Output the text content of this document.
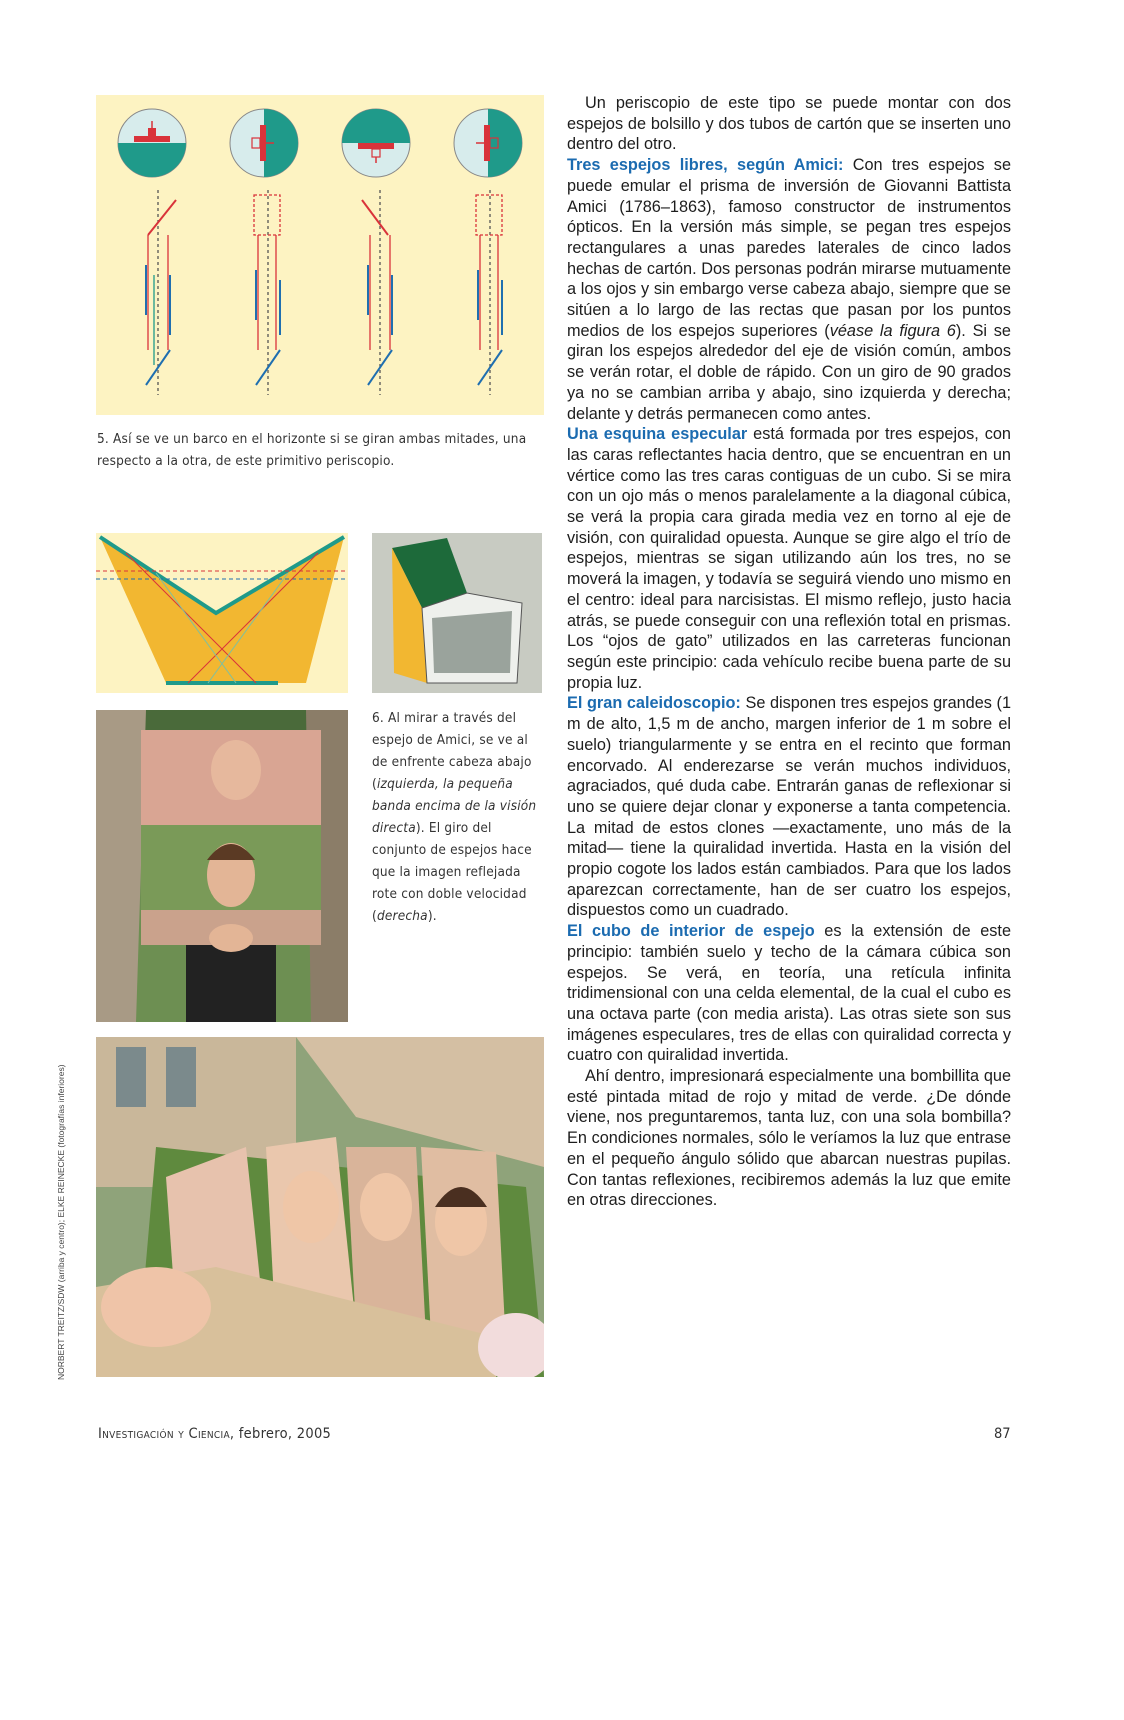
5. Así se ve un barco en el horizonte si se giran ambas mitades, una respecto a la otra, de este primitivo periscopio.
6. Al mirar a través del espejo de Amici, se ve al de enfrente cabeza abajo (izquierda, la pequeña banda encima de la visión directa). El giro del conjunto de espejos hace que la imagen reflejada rote con doble velocidad (derecha).
NORBERT TREITZ/SDW (arriba y centro); ELKE REINECKE (fotografías inferiores)

Un periscopio de este tipo se puede montar con dos espejos de bolsillo y dos tubos de cartón que se inserten uno dentro del otro.

Tres espejos libres, según Amici: Con tres espejos se puede emular el prisma de inversión de Giovanni Battista Amici (1786–1863), famoso constructor de instrumentos ópticos. En la versión más simple, se pegan tres espejos rectangulares a unas paredes laterales de cinco lados hechas de cartón. Dos personas podrán mirarse mutuamente a los ojos y sin embargo verse cabeza abajo, siempre que se sitúen a lo largo de las rectas que pasan por los puntos medios de los espejos superiores (véase la figura 6). Si se giran los espejos alrededor del eje de visión común, ambos se verán rotar, el doble de rápido. Con un giro de 90 grados ya no se cambian arriba y abajo, sino izquierda y derecha; delante y detrás permanecen como antes.

Una esquina especular está formada por tres espejos, con las caras reflectantes hacia dentro, que se encuentran en un vértice como las tres caras contiguas de un cubo. Si se mira con un ojo más o menos paralelamente a la diagonal cúbica, se verá la propia cara girada media vez en torno al eje de visión, con quiralidad opuesta. Aunque se gire algo el trío de espejos, mientras se sigan utilizando aún los tres, no se moverá la imagen, y todavía se seguirá viendo uno mismo en el centro: ideal para narcisistas. El mismo reflejo, justo hacia atrás, se puede conseguir con una reflexión total en prismas. Los “ojos de gato” utilizados en las carreteras funcionan según este principio: cada vehículo recibe buena parte de su propia luz.

El gran caleidoscopio: Se disponen tres espejos grandes (1 m de alto, 1,5 m de ancho, margen inferior de 1 m sobre el suelo) triangularmente y se entra en el recinto que forman encorvado. Al enderezarse se verán muchos individuos, agraciados, qué duda cabe. Entrarán ganas de reflexionar si uno se quiere dejar clonar y exponerse a tanta competencia. La mitad de estos clones —exactamente, uno más de la mitad— tiene la quiralidad invertida. Hasta en la visión del propio cogote los lados están cambiados. Para que los lados aparezcan correctamente, han de ser cuatro los espejos, dispuestos como un cuadrado.

El cubo de interior de espejo es la extensión de este principio: también suelo y techo de la cámara cúbica son espejos. Se verá, en teoría, una retícula infinita tridimensional con una celda elemental, de la cual el cubo es una octava parte (con media arista). Las otras siete son sus imágenes especulares, tres de ellas con quiralidad correcta y cuatro con quiralidad invertida.

Ahí dentro, impresionará especialmente una bombillita que esté pintada mitad de rojo y mitad de verde. ¿De dónde viene, nos preguntaremos, tanta luz, con una sola bombilla? En condiciones normales, sólo le veríamos la luz que entrase en el pequeño ángulo sólido que abarcan nuestras pupilas. Con tantas reflexiones, recibiremos además la luz que emite en otras direcciones.

Investigación y Ciencia, febrero, 2005	87
